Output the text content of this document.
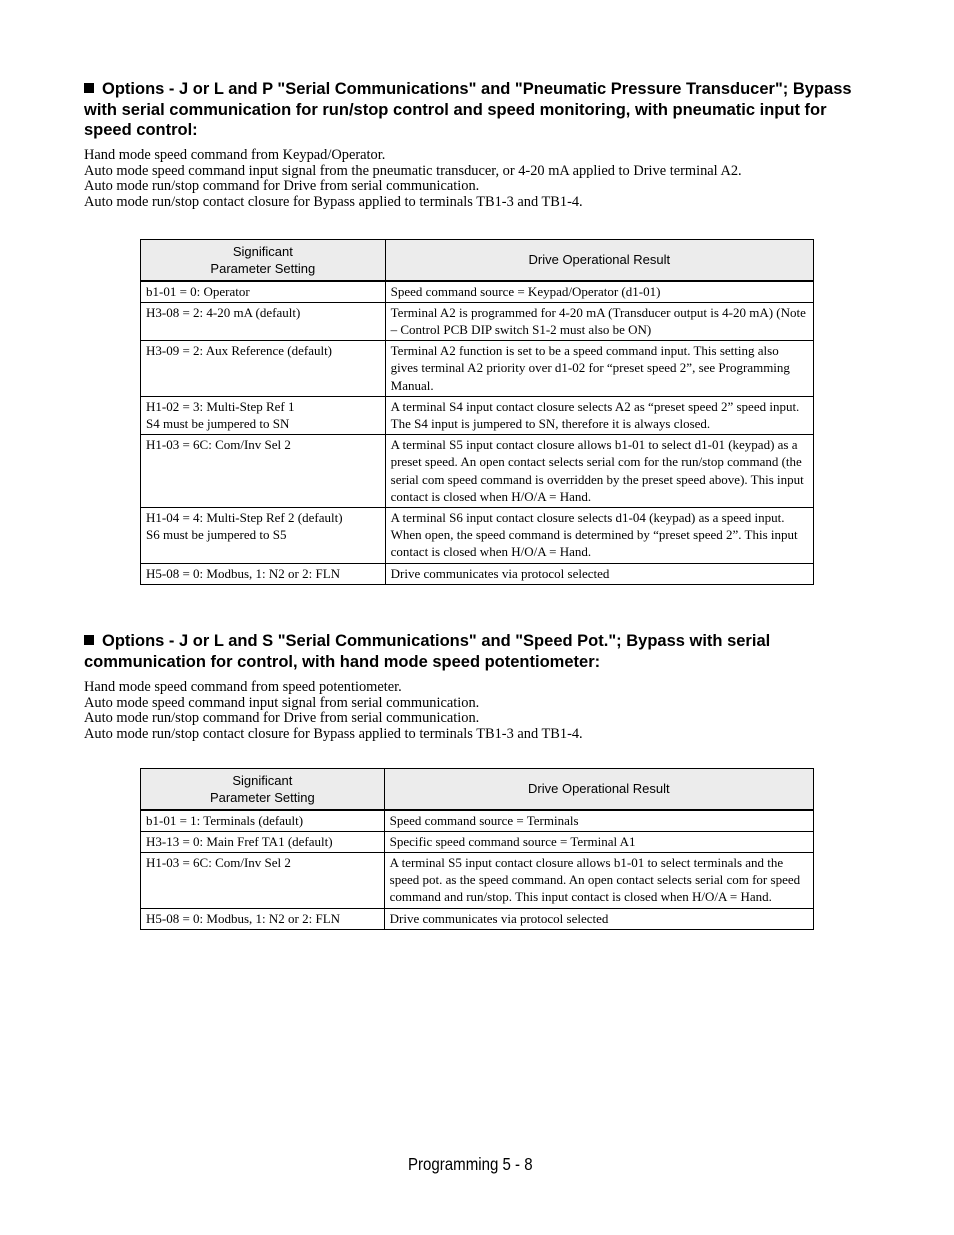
Options - J or L and P "Serial Communications" and "Pneumatic Pressure Transducer"; Bypass with serial communication for run/stop control and speed monitoring, with pneumatic input for speed control:
Hand mode speed command from Keypad/Operator.
Auto mode speed command input signal from the pneumatic transducer, or 4-20 mA applied to Drive terminal A2.
Auto mode run/stop command for Drive from serial communication.
Auto mode run/stop contact closure for Bypass applied to terminals TB1-3 and TB1-4.
Significant
Parameter Setting	Drive Operational Result

b1-01 = 0: Operator	Speed command source = Keypad/Operator (d1-01)

H3-08 = 2: 4-20 mA (default)	Terminal A2 is programmed for 4-20 mA (Transducer output is 4-20 mA) (Note – Control PCB DIP switch S1-2 must also be ON)

H3-09 = 2: Aux Reference (default)	Terminal A2 function is set to be a speed command input. This setting also gives terminal A2 priority over d1-02 for “preset speed 2”, see Programming Manual.

H1-02 = 3: Multi-Step Ref 1
S4 must be jumpered to SN	A terminal S4 input contact closure selects A2 as “preset speed 2” speed input. The S4 input is jumpered to SN, therefore it is always closed.

H1-03 = 6C: Com/Inv Sel 2	A terminal S5 input contact closure allows b1-01 to select d1-01 (keypad) as a preset speed. An open contact selects serial com for the run/stop command (the serial com speed command is overridden by the preset speed above). This input contact is closed when H/O/A = Hand.

H1-04 = 4: Multi-Step Ref 2 (default)
S6 must be jumpered to S5	A terminal S6 input contact closure selects d1-04 (keypad) as a speed input. When open, the speed command is determined by “preset speed 2”. This input contact is closed when H/O/A = Hand.

H5-08 = 0: Modbus, 1: N2 or 2: FLN	Drive communicates via protocol selected
Options - J or L and S "Serial Communications" and "Speed Pot."; Bypass with serial communication for control, with hand mode speed potentiometer:
Hand mode speed command from speed potentiometer.
Auto mode speed command input signal from serial communication.
Auto mode run/stop command for Drive from serial communication.
Auto mode run/stop contact closure for Bypass applied to terminals TB1-3 and TB1-4.
Significant
Parameter Setting	Drive Operational Result

b1-01 = 1: Terminals (default)	Speed command source = Terminals

H3-13 = 0: Main Fref TA1 (default)	Specific speed command source = Terminal A1

H1-03 = 6C: Com/Inv Sel 2	A terminal S5 input contact closure allows b1-01 to select terminals and the speed pot. as the speed command. An open contact selects serial com for speed command and run/stop. This input contact is closed when H/O/A = Hand.

H5-08 = 0: Modbus, 1: N2 or 2: FLN	Drive communicates via protocol selected
Programming 5 - 8
